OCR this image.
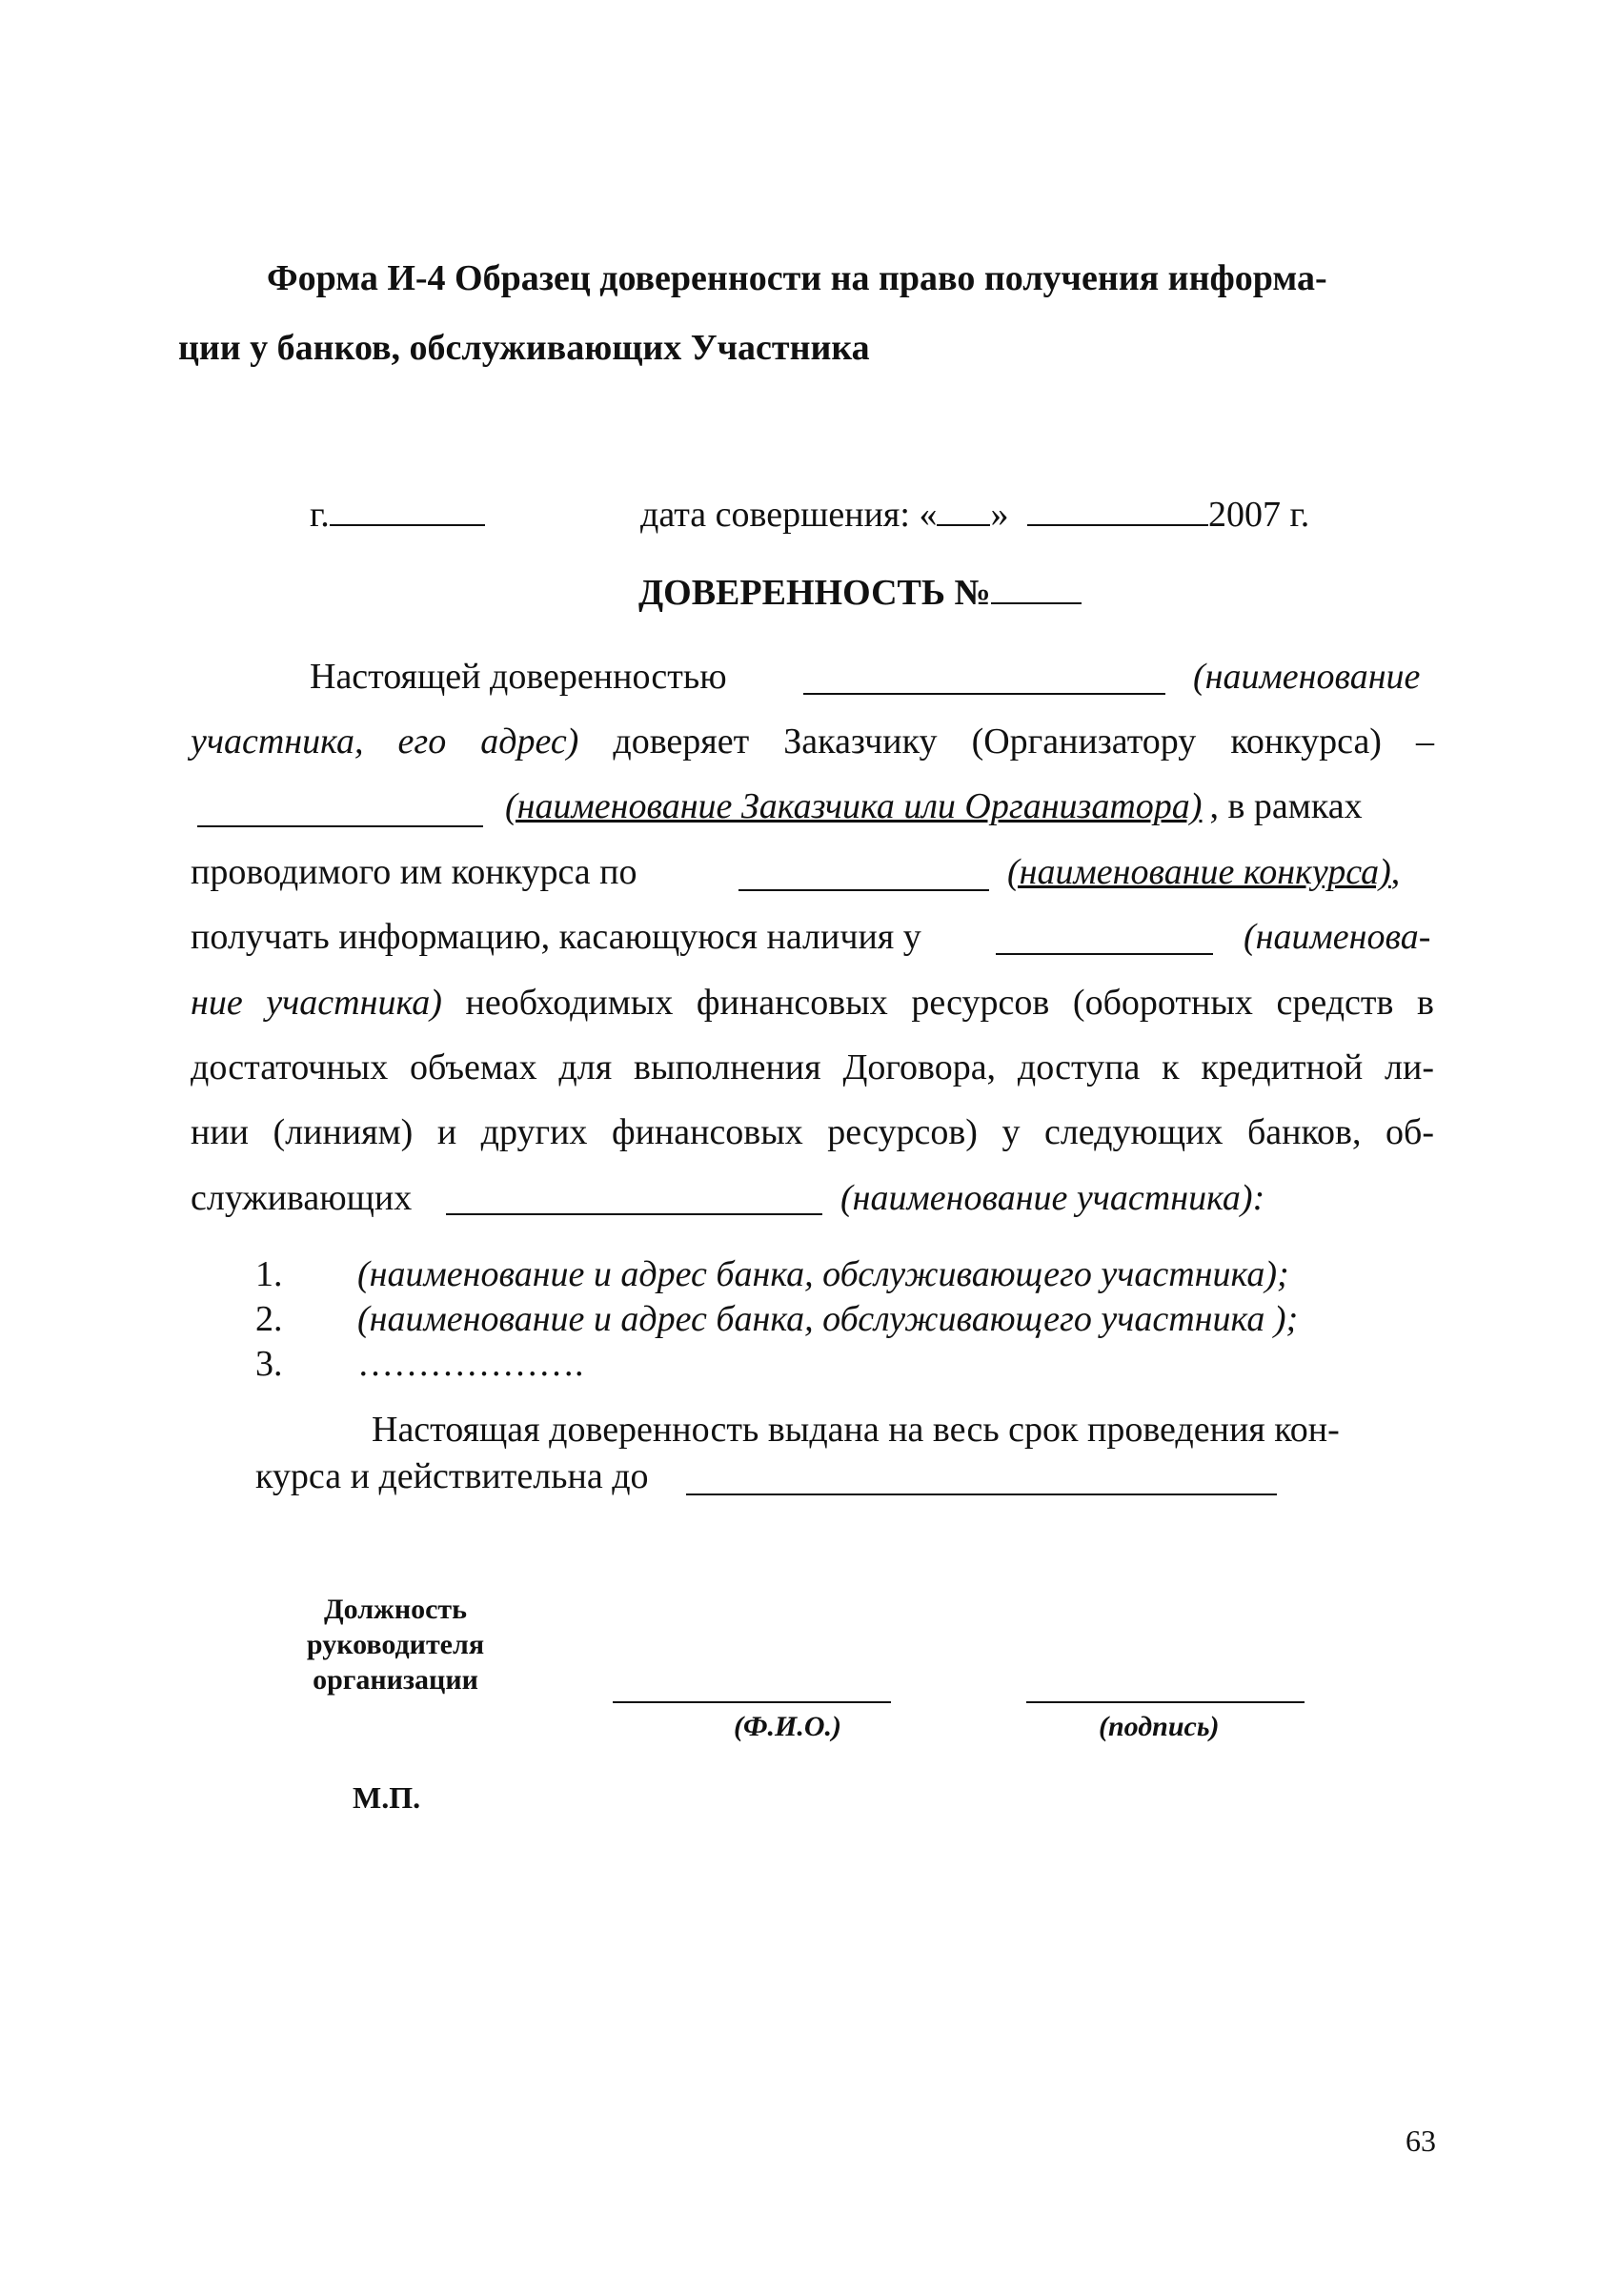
Форма И-4 Образец доверенности на право получения информа-
ции у банков, обслуживающих Участника
г.	дата совершения: « »	2007 г.
ДОВЕРЕННОСТЬ №
Настоящей доверенностью	(наименование
участника, его адрес) доверяет Заказчику (Организатору конкурса) –
(наименование Заказчика или Организатора) , в рамках
проводимого им конкурса по	(наименование конкурса),
получать информацию, касающуюся наличия у	(наименова-
ние участника) необходимых финансовых ресурсов (оборотных средств в
достаточных объемах для выполнения Договора, доступа к кредитной ли-
нии (линиям) и других финансовых ресурсов) у следующих банков, об-
служивающих	(наименование участника):
1. (наименование и адрес банка, обслуживающего участника);
2. (наименование и адрес банка, обслуживающего участника );
3. ……………….
Настоящая доверенность выдана на весь срок проведения кон-
курса и действительна до
Должность
руководителя
организации
(Ф.И.О.)	(подпись)
М.П.
63
